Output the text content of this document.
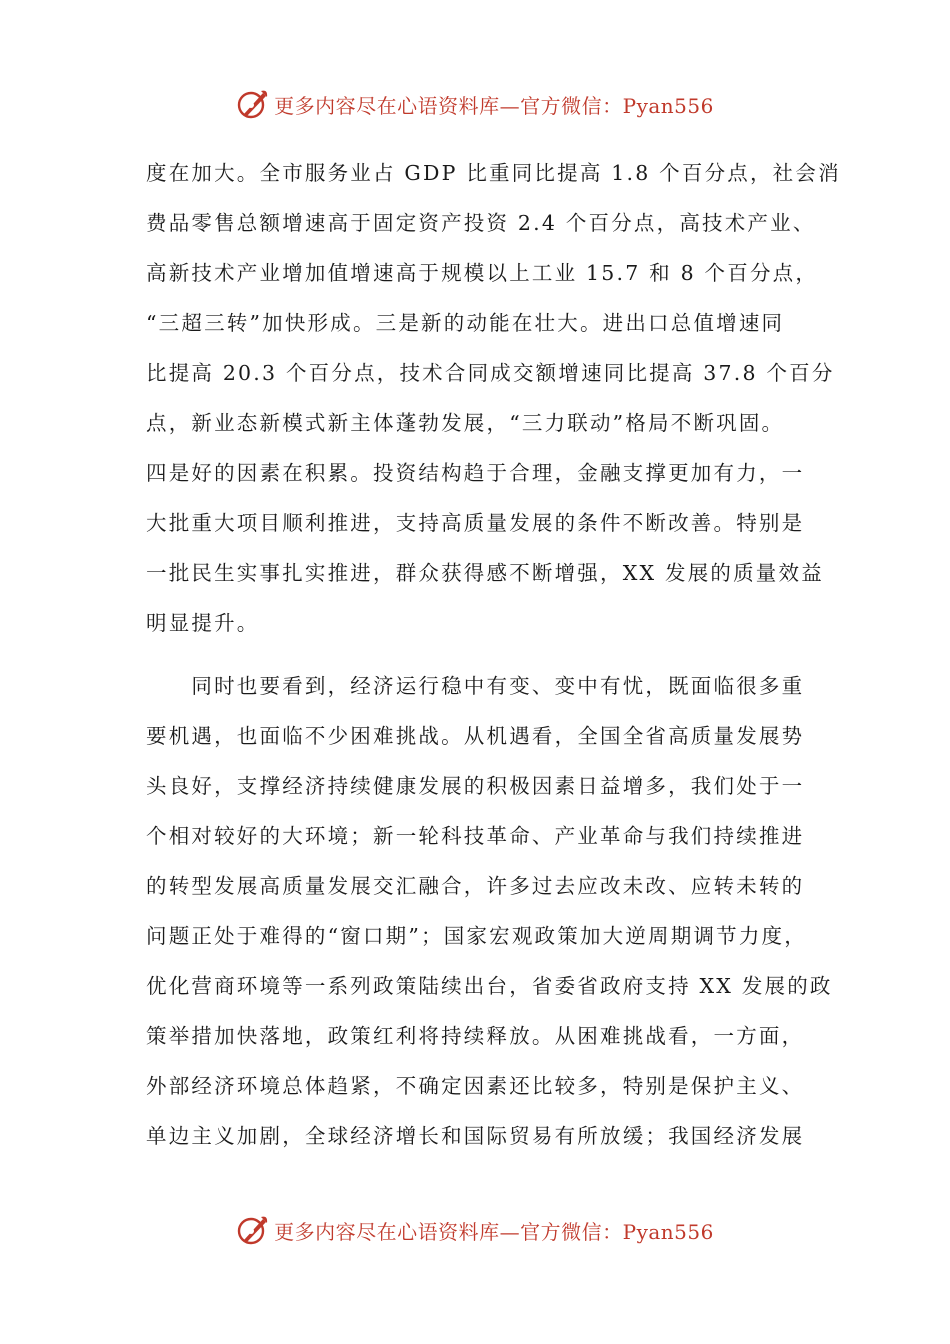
更多内容尽在心语资料库—官方微信：Pyan556
度在加大。全市服务业占 GDP 比重同比提高 1.8 个百分点，社会消
费品零售总额增速高于固定资产投资 2.4 个百分点，高技术产业、
高新技术产业增加值增速高于规模以上工业 15.7 和 8 个百分点，
“三超三转”加快形成。三是新的动能在壮大。进出口总值增速同
比提高 20.3 个百分点，技术合同成交额增速同比提高 37.8 个百分
点，新业态新模式新主体蓬勃发展，“三力联动”格局不断巩固。
四是好的因素在积累。投资结构趋于合理，金融支撑更加有力，一
大批重大项目顺利推进，支持高质量发展的条件不断改善。特别是
一批民生实事扎实推进，群众获得感不断增强，XX 发展的质量效益
明显提升。
　　同时也要看到，经济运行稳中有变、变中有忧，既面临很多重
要机遇，也面临不少困难挑战。从机遇看，全国全省高质量发展势
头良好，支撑经济持续健康发展的积极因素日益增多，我们处于一
个相对较好的大环境；新一轮科技革命、产业革命与我们持续推进
的转型发展高质量发展交汇融合，许多过去应改未改、应转未转的
问题正处于难得的“窗口期”；国家宏观政策加大逆周期调节力度，
优化营商环境等一系列政策陆续出台，省委省政府支持 XX 发展的政
策举措加快落地，政策红利将持续释放。从困难挑战看，一方面，
外部经济环境总体趋紧，不确定因素还比较多，特别是保护主义、
单边主义加剧，全球经济增长和国际贸易有所放缓；我国经济发展
更多内容尽在心语资料库—官方微信：Pyan556
